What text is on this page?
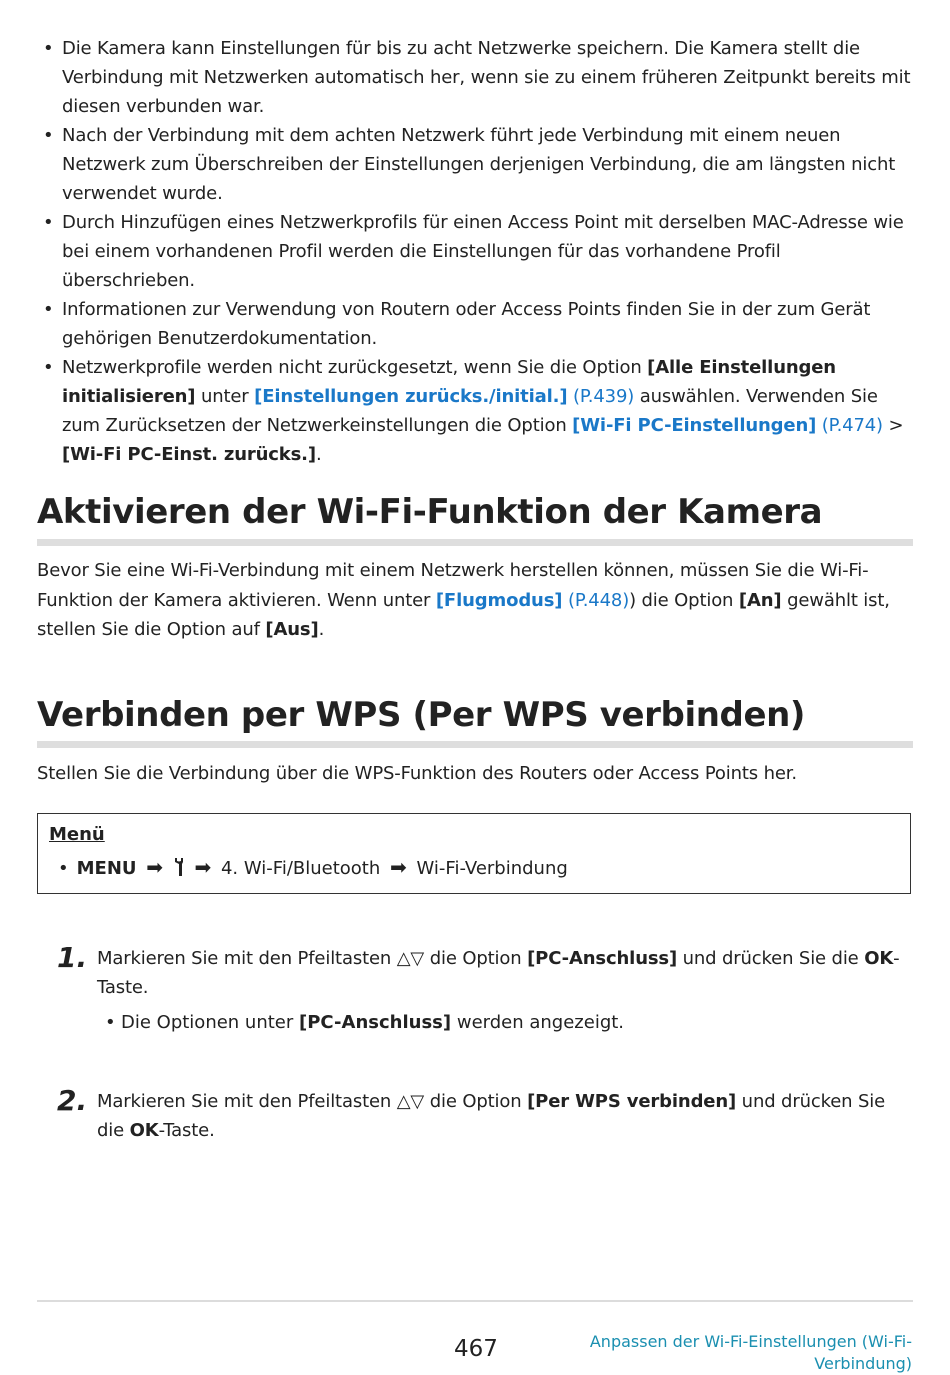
• Die Kamera kann Einstellungen für bis zu acht Netzwerke speichern. Die Kamera stellt die Verbindung mit Netzwerken automatisch her, wenn sie zu einem früheren Zeitpunkt bereits mit diesen verbunden war.
• Nach der Verbindung mit dem achten Netzwerk führt jede Verbindung mit einem neuen Netzwerk zum Überschreiben der Einstellungen derjenigen Verbindung, die am längsten nicht verwendet wurde.
• Durch Hinzufügen eines Netzwerkprofils für einen Access Point mit derselben MAC-Adresse wie bei einem vorhandenen Profil werden die Einstellungen für das vorhandene Profil überschrieben.
• Informationen zur Verwendung von Routern oder Access Points finden Sie in der zum Gerät gehörigen Benutzerdokumentation.
• Netzwerkprofile werden nicht zurückgesetzt, wenn Sie die Option [Alle Einstellungen initialisieren] unter [Einstellungen zurücks./initial.] (P.439) auswählen. Verwenden Sie zum Zurücksetzen der Netzwerkeinstellungen die Option [Wi-Fi PC-Einstellungen] (P.474) > [Wi-Fi PC-Einst. zurücks.].
Aktivieren der Wi-Fi-Funktion der Kamera
Bevor Sie eine Wi-Fi-Verbindung mit einem Netzwerk herstellen können, müssen Sie die Wi-Fi-Funktion der Kamera aktivieren. Wenn unter [Flugmodus] (P.448)) die Option [An] gewählt ist, stellen Sie die Option auf [Aus].
Verbinden per WPS (Per WPS verbinden)
Stellen Sie die Verbindung über die WPS-Funktion des Routers oder Access Points her.
Menü
• MENU ➡ ➡ 4. Wi-Fi/Bluetooth ➡ Wi-Fi-Verbindung
1. Markieren Sie mit den Pfeiltasten △▽ die Option [PC-Anschluss] und drücken Sie die OK-Taste.
• Die Optionen unter [PC-Anschluss] werden angezeigt.
2. Markieren Sie mit den Pfeiltasten △▽ die Option [Per WPS verbinden] und drücken Sie die OK-Taste.
467	Anpassen der Wi-Fi-Einstellungen (Wi-Fi-Verbindung)
